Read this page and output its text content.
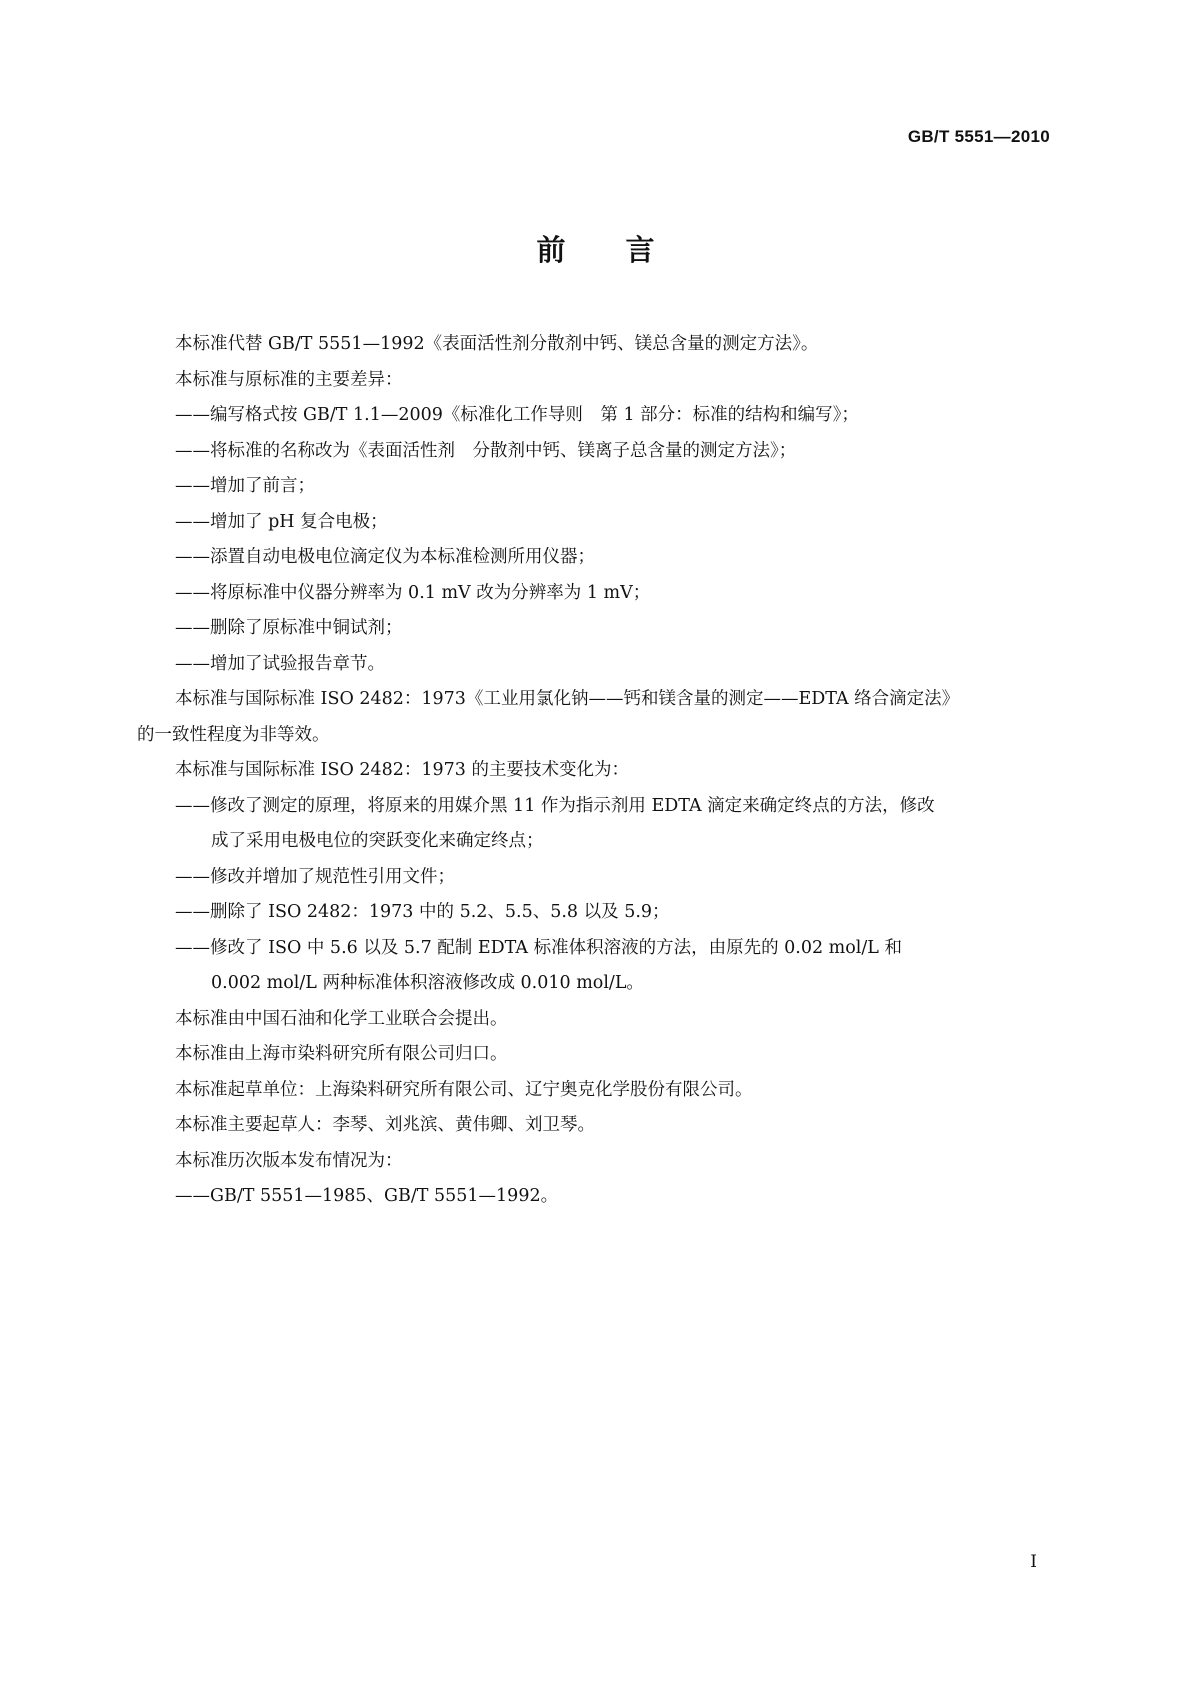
GB/T 5551—2010
前 言

本标准代替 GB/T 5551—1992《表面活性剂分散剂中钙、镁总含量的测定方法》。

本标准与原标准的主要差异：

——编写格式按 GB/T 1.1—2009《标准化工作导则　第 1 部分：标准的结构和编写》；

——将标准的名称改为《表面活性剂　分散剂中钙、镁离子总含量的测定方法》；

——增加了前言；

——增加了 pH 复合电极；

——添置自动电极电位滴定仪为本标准检测所用仪器；

——将原标准中仪器分辨率为 0.1 mV 改为分辨率为 1 mV；

——删除了原标准中铜试剂；

——增加了试验报告章节。

本标准与国际标准 ISO 2482：1973《工业用氯化钠——钙和镁含量的测定——EDTA 络合滴定法》

的一致性程度为非等效。

本标准与国际标准 ISO 2482：1973 的主要技术变化为：

——修改了测定的原理，将原来的用媒介黑 11 作为指示剂用 EDTA 滴定来确定终点的方法，修改

成了采用电极电位的突跃变化来确定终点；

——修改并增加了规范性引用文件；

——删除了 ISO 2482：1973 中的 5.2、5.5、5.8 以及 5.9；

——修改了 ISO 中 5.6 以及 5.7 配制 EDTA 标准体积溶液的方法，由原先的 0.02 mol/L 和

0.002 mol/L 两种标准体积溶液修改成 0.010 mol/L。

本标准由中国石油和化学工业联合会提出。

本标准由上海市染料研究所有限公司归口。

本标准起草单位：上海染料研究所有限公司、辽宁奥克化学股份有限公司。

本标准主要起草人：李琴、刘兆滨、黄伟卿、刘卫琴。

本标准历次版本发布情况为：

——GB/T 5551—1985、GB/T 5551—1992。

I
